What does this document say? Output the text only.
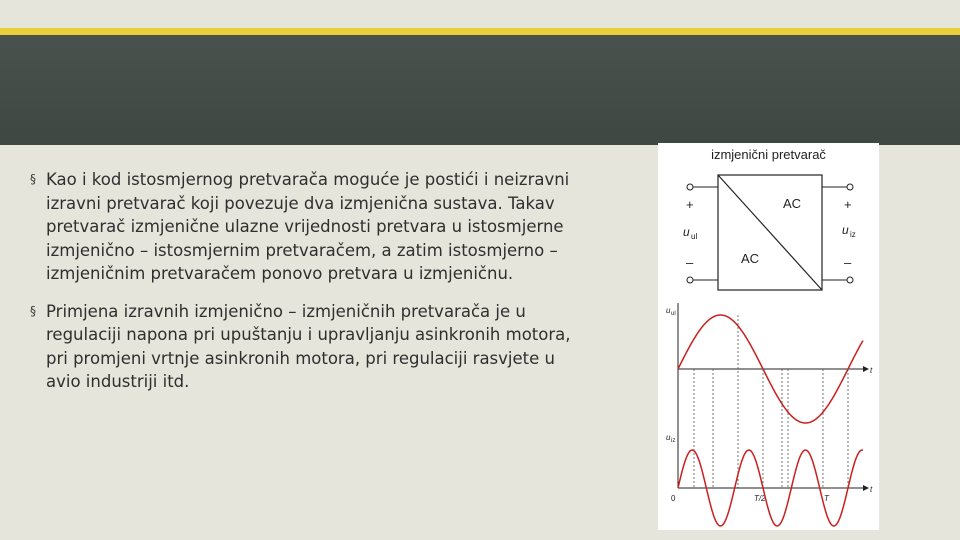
§ Kao i kod istosmjernog pretvarača moguće je postići i neizravni
izravni pretvarač koji povezuje dva izmjenična sustava. Takav
pretvarač izmjenične ulazne vrijednosti pretvara u istosmjerne
izmjenično – istosmjernim pretvaračem, a zatim istosmjerno –
izmjeničnim pretvaračem ponovo pretvara u izmjeničnu.
§ Primjena izravnih izmjenično – izmjeničnih pretvarača je u
regulaciji napona pri upuštanju i upravljanju asinkronih motora,
pri promjeni vrtnje asinkronih motora, pri regulaciji rasvjete u
avio industriji itd.
izmjenični pretvarač
AC
AC
+
–
u ul
+
–
u iz
u ul
t
u iz
t
0	T/2	T
